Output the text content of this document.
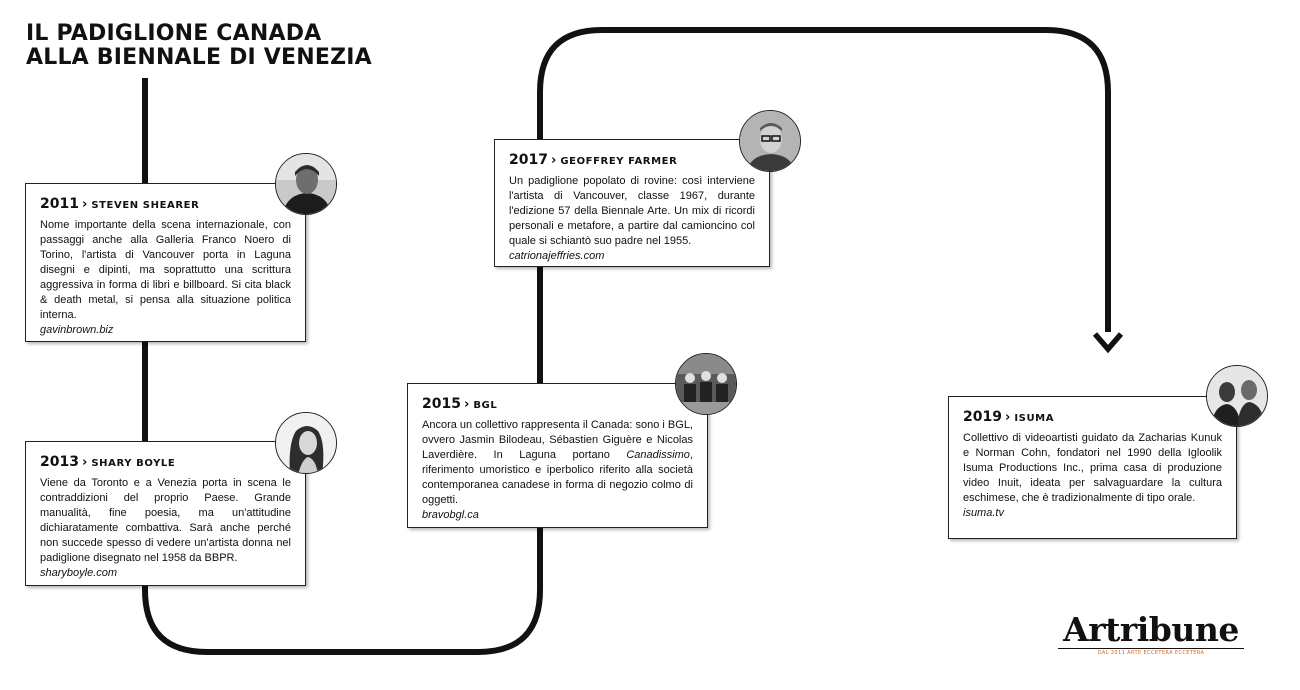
IL PADIGLIONE CANADA
ALLA BIENNALE DI VENEZIA

2011 › STEVEN SHEARER

Nome importante della scena internazionale, con passaggi anche alla Galleria Franco Noero di Torino, l'artista di Vancouver porta in Laguna disegni e dipinti, ma soprattutto una scrittura aggressiva in forma di libri e billboard. Si cita black & death metal, si pensa alla situazione politica interna.

gavinbrown.biz

2013 › SHARY BOYLE

Viene da Toronto e a Venezia porta in scena le contraddizioni del proprio Paese. Grande manualità, fine poesia, ma un'attitudine dichiaratamente combattiva. Sarà anche perché non succede spesso di vedere un'artista donna nel padiglione disegnato nel 1958 da BBPR.

sharyboyle.com

2015 › BGL

Ancora un collettivo rappresenta il Canada: sono i BGL, ovvero Jasmin Bilodeau, Sébastien Giguère e Nicolas Laverdière. In Laguna portano Canadissimo, riferimento umoristico e iperbolico riferito alla società contemporanea canadese in forma di negozio colmo di oggetti.

bravobgl.ca

2017 › GEOFFREY FARMER

Un padiglione popolato di rovine: così interviene l'artista di Vancouver, classe 1967, durante l'edizione 57 della Biennale Arte. Un mix di ricordi personali e metafore, a partire dal camioncino col quale si schiantò suo padre nel 1955.

catrionajeffries.com

2019 › ISUMA

Collettivo di videoartisti guidato da Zacharias Kunuk e Norman Cohn, fondatori nel 1990 della Igloolik Isuma Productions Inc., prima casa di produzione video Inuit, ideata per salvaguardare la cultura eschimese, che è tradizionalmente di tipo orale.

isuma.tv

Artribune
DAL 2011 ARTE ECCETERA ECCETERA
